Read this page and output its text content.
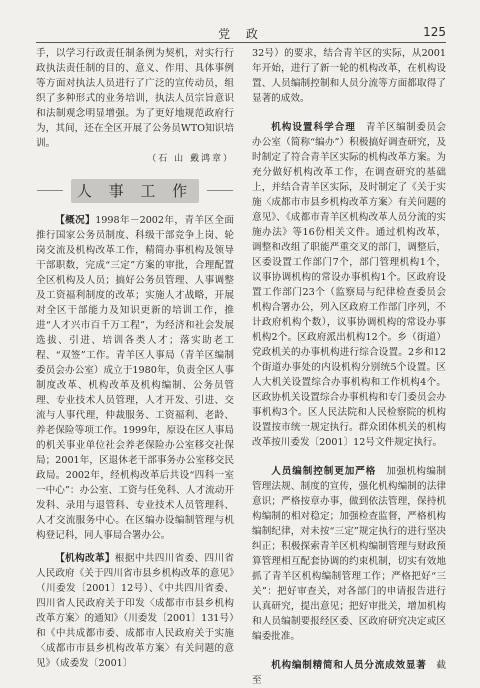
党 政	125

手，以学习行政责任制条例为契机，对实行行政执法责任制的目的、意义、作用、具体事例等方面对执法人员进行了广泛的宣传动员，组织了多种形式的业务培训，执法人员宗旨意识和法制观念明显增强。为了更好地规范政府行为，其间，还在全区开展了公务员WTO知识培训。

（石 山 戴鸿章）

人 事 工 作

【概况】1998年－2002年，青羊区全面推行国家公务员制度、科级干部竞争上岗、轮岗交流及机构改革工作，精简办事机构及领导干部职数，完成“三定”方案的审批，合理配置全区机构及人员；搞好公务员管理、人事调整及工资福利制度的改革；实施人才战略，开展对全区干部能力及知识更新的培训工作，推进“人才兴市百千万工程”，为经济和社会发展选拔、引进、培训各类人才；落实助老工程、“双签”工作。青羊区人事局（青羊区编制委员会办公室）成立于1980年，负责全区人事制度改革、机构改革及机构编制、公务员管理、专业技术人员管理，人才开发、引进、交流与人事代理，仲裁服务、工资福利、老龄、养老保险等项工作。1999年，原设在区人事局的机关事业单位社会养老保险办公室移交社保局；2001年，区退休老干部事务办公室移交民政局。2002年，经机构改革后共设“四科一室一中心”：办公室、工资与任免科、人才流动开发科、录用与退管科、专业技术人员管理科、人才交流服务中心。在区编办设编制管理与机构登记科，同人事局合署办公。

【机构改革】根据中共四川省委、四川省人民政府《关于四川省市县乡机构改革的意见》（川委发〔2001〕12号）、《中共四川省委、四川省人民政府关于印发〈成都市市县乡机构改革方案〉的通知》（川委发〔2001〕131号）和《中共成都市委、成都市人民政府关于实施〈成都市市县乡机构改革方案〉有关问题的意见》（成委发〔2001〕

32号）的要求，结合青羊区的实际，从2001年开始，进行了新一轮的机构改革，在机构设置、人员编制控制和人员分流等方面都取得了显著的成效。

机构设置科学合理　 青羊区编制委员会办公室（简称“编办”）积极搞好调查研究，及时制定了符合青羊区实际的机构改革方案。为充分做好机构改革工作，在调查研究的基础上，并结合青羊区实际，及时制定了《关于实施〈成都市市县乡机构改革方案〉有关问题的意见》、《成都市青羊区机构改革人员分流的实施办法》等16份相关文件。通过机构改革，调整和改组了职能严重交叉的部门，调整后，区委设置工作部门7个，部门管理机构1个，议事协调机构的常设办事机构1个。区政府设置工作部门23个（监察局与纪律检查委员会机构合署办公，列入区政府工作部门序列，不计政府机构个数），议事协调机构的常设办事机构2个。区政府派出机构12个。乡（街道）党政机关的办事机构进行综合设置。2乡和12个街道办事处的内设机构分别统5个设置。区人大机关设置综合办事机构和工作机构4个。区政协机关设置综合办事机构和专门委员会办事机构3个。区人民法院和人民检察院的机构设置按市统一规定执行。群众团体机关的机构改革按川委发〔2001〕12号文件规定执行。

人员编制控制更加严格　 加强机构编制管理法规、制度的宣传，强化机构编制的法律意识；严格按章办事，做到依法管理，保持机构编制的相对稳定；加强检查监督，严格机构编制纪律，对未按“三定”规定执行的进行坚决纠正；积极探索青羊区机构编制管理与财政预算管理相互配套协调的约束机制，切实有效地抓了青羊区机构编制管理工作；严格把好“三关”：把好审查关，对各部门的申请报告进行认真研究，提出意见；把好审批关，增加机构和人员编制要报经区委、区政府研究决定或区编委批准。

机构编制精简和人员分流成效显著　 截至
